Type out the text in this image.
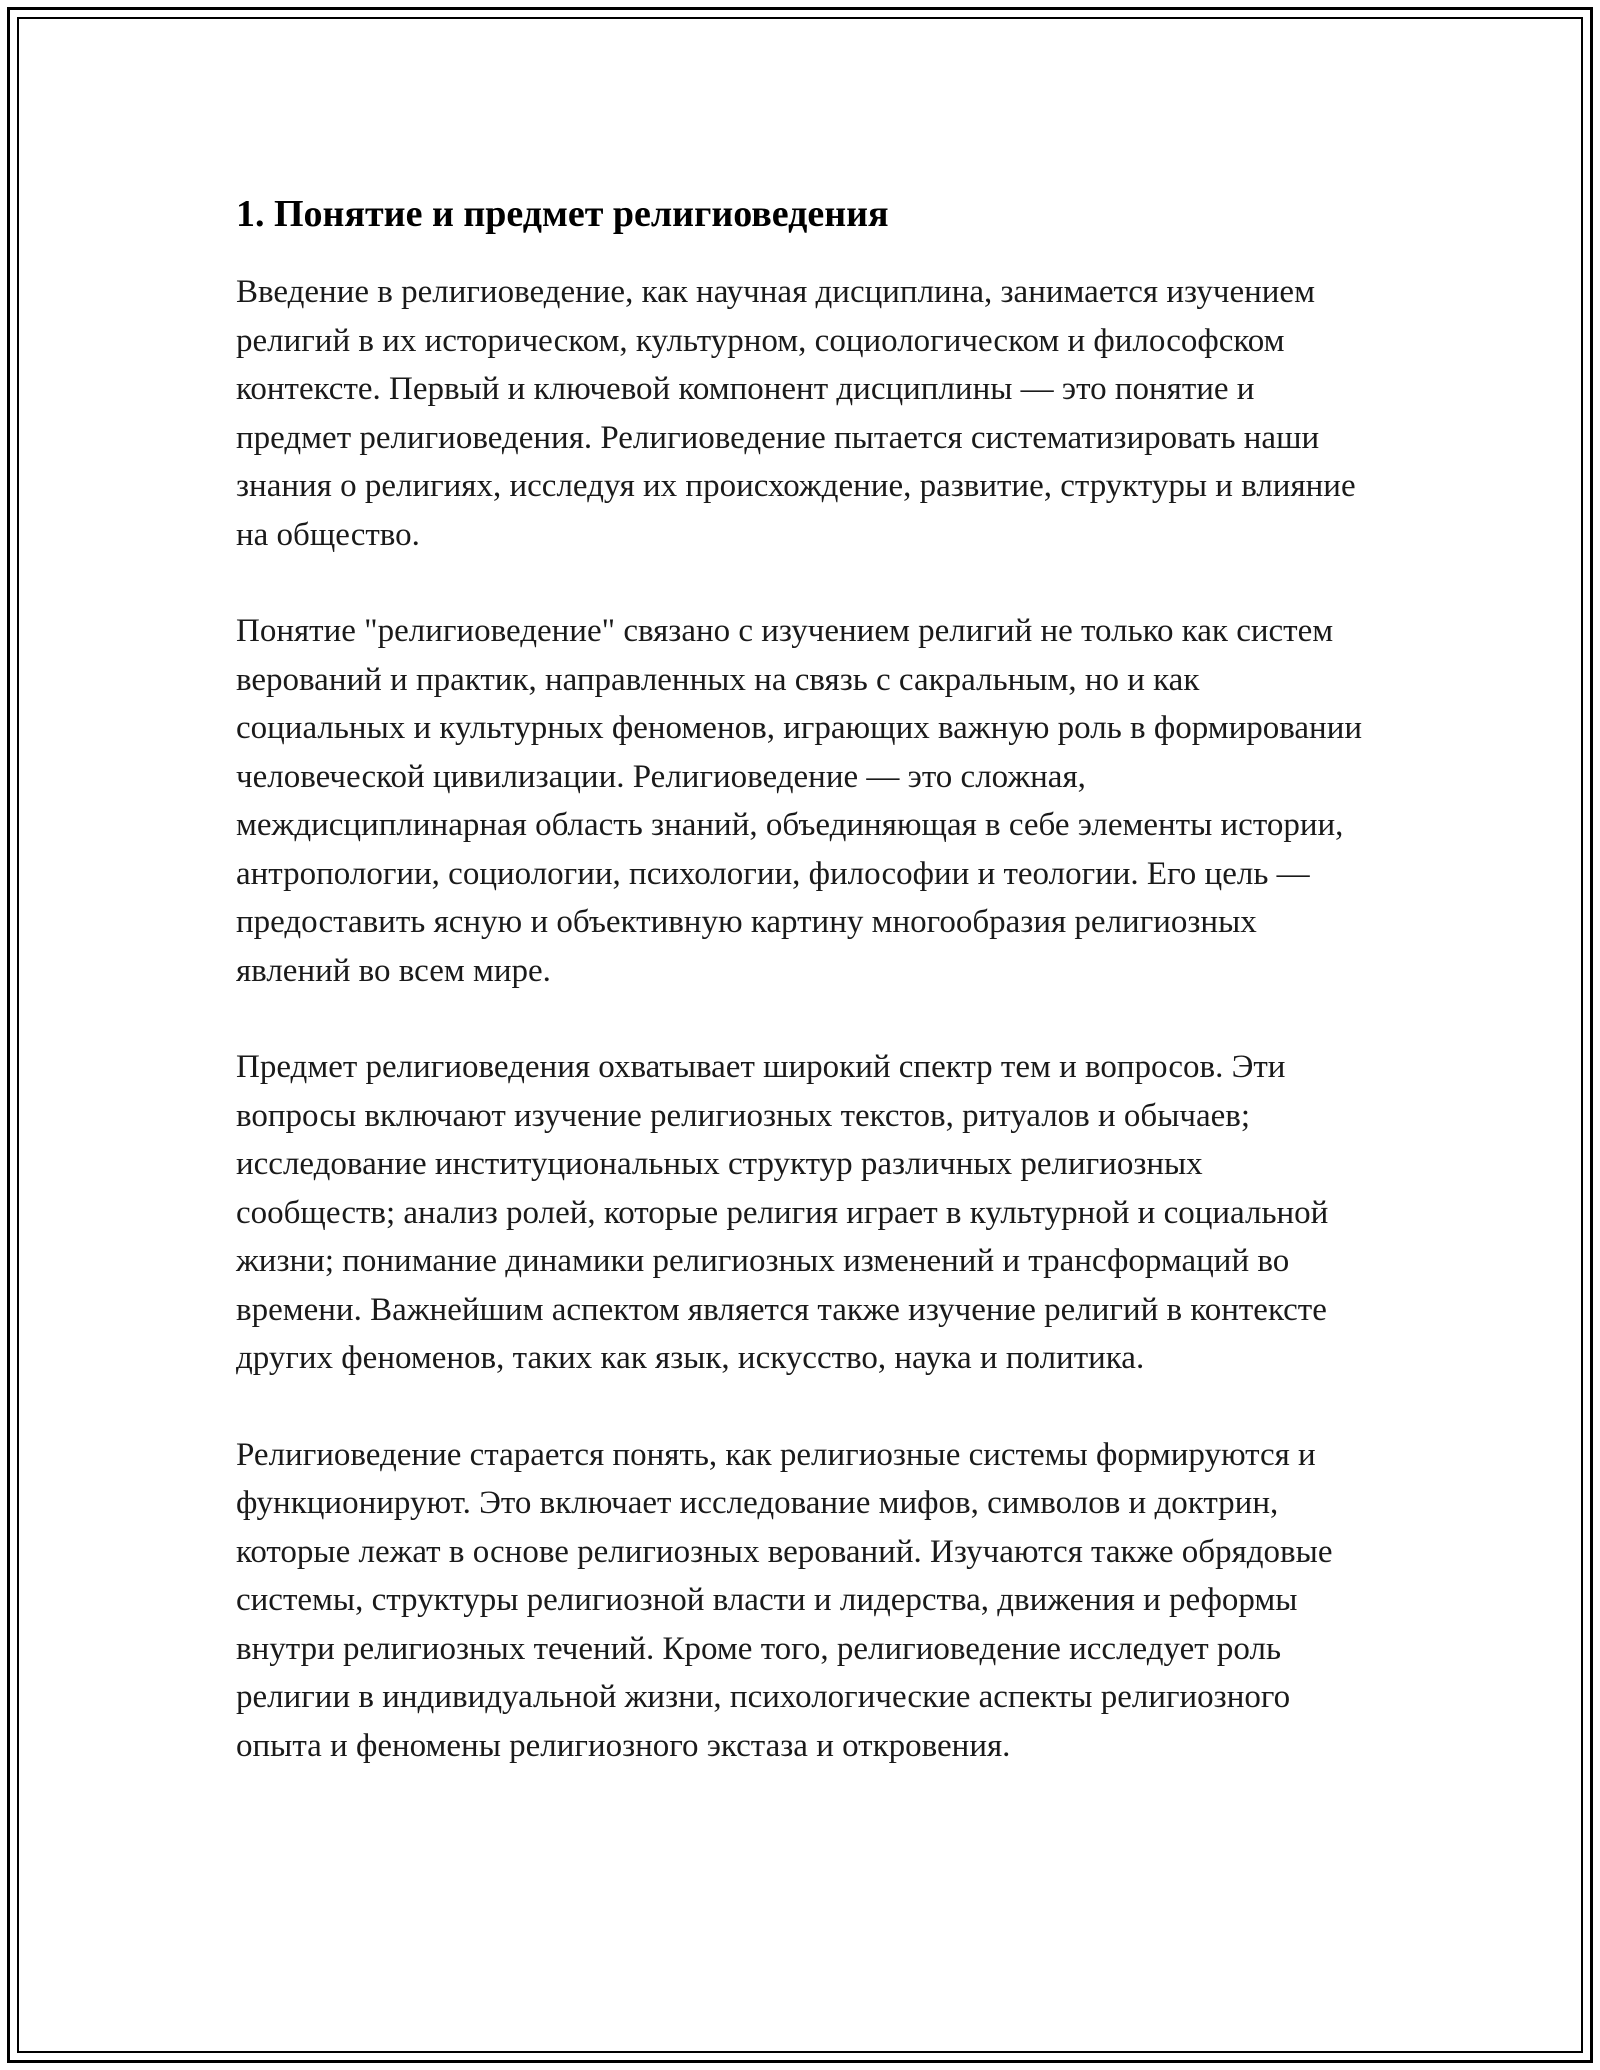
1. Понятие и предмет религиоведения

Введение в религиоведение, как научная дисциплина, занимается изучением религий в их историческом, культурном, социологическом и философском контексте. Первый и ключевой компонент дисциплины — это понятие и предмет религиоведения. Религиоведение пытается систематизировать наши знания о религиях, исследуя их происхождение, развитие, структуры и влияние на общество.

Понятие "религиоведение" связано с изучением религий не только как систем верований и практик, направленных на связь с сакральным, но и как социальных и культурных феноменов, играющих важную роль в формировании человеческой цивилизации. Религиоведение — это сложная, междисциплинарная область знаний, объединяющая в себе элементы истории, антропологии, социологии, психологии, философии и теологии. Его цель — предоставить ясную и объективную картину многообразия религиозных явлений во всем мире.

Предмет религиоведения охватывает широкий спектр тем и вопросов. Эти вопросы включают изучение религиозных текстов, ритуалов и обычаев; исследование институциональных структур различных религиозных сообществ; анализ ролей, которые религия играет в культурной и социальной жизни; понимание динамики религиозных изменений и трансформаций во времени. Важнейшим аспектом является также изучение религий в контексте других феноменов, таких как язык, искусство, наука и политика.

Религиоведение старается понять, как религиозные системы формируются и функционируют. Это включает исследование мифов, символов и доктрин, которые лежат в основе религиозных верований. Изучаются также обрядовые системы, структуры религиозной власти и лидерства, движения и реформы внутри религиозных течений. Кроме того, религиоведение исследует роль религии в индивидуальной жизни, психологические аспекты религиозного опыта и феномены религиозного экстаза и откровения.
